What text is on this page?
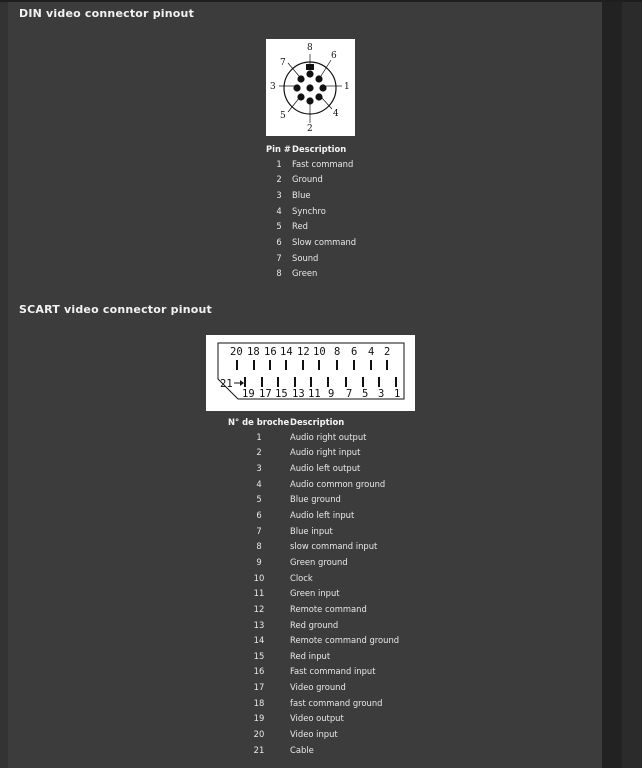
DIN video connector pinout
8
6
7
3	1
5	4
2
Pin #	Description
1	Fast command
2	Ground
3	Blue
4	Synchro
5	Red
6	Slow command
7	Sound
8	Green
SCART video connector pinout
20 18 16 14 12 10 8 6 4 2
19 17 15 13 11 9 7 5 3 1
21
N° de broche	Description
1	Audio right output
2	Audio right input
3	Audio left output
4	Audio common ground
5	Blue ground
6	Audio left input
7	Blue input
8	slow command input
9	Green ground
10	Clock
11	Green input
12	Remote command
13	Red ground
14	Remote command ground
15	Red input
16	Fast command input
17	Video ground
18	fast command ground
19	Video output
20	Video input
21	Cable
